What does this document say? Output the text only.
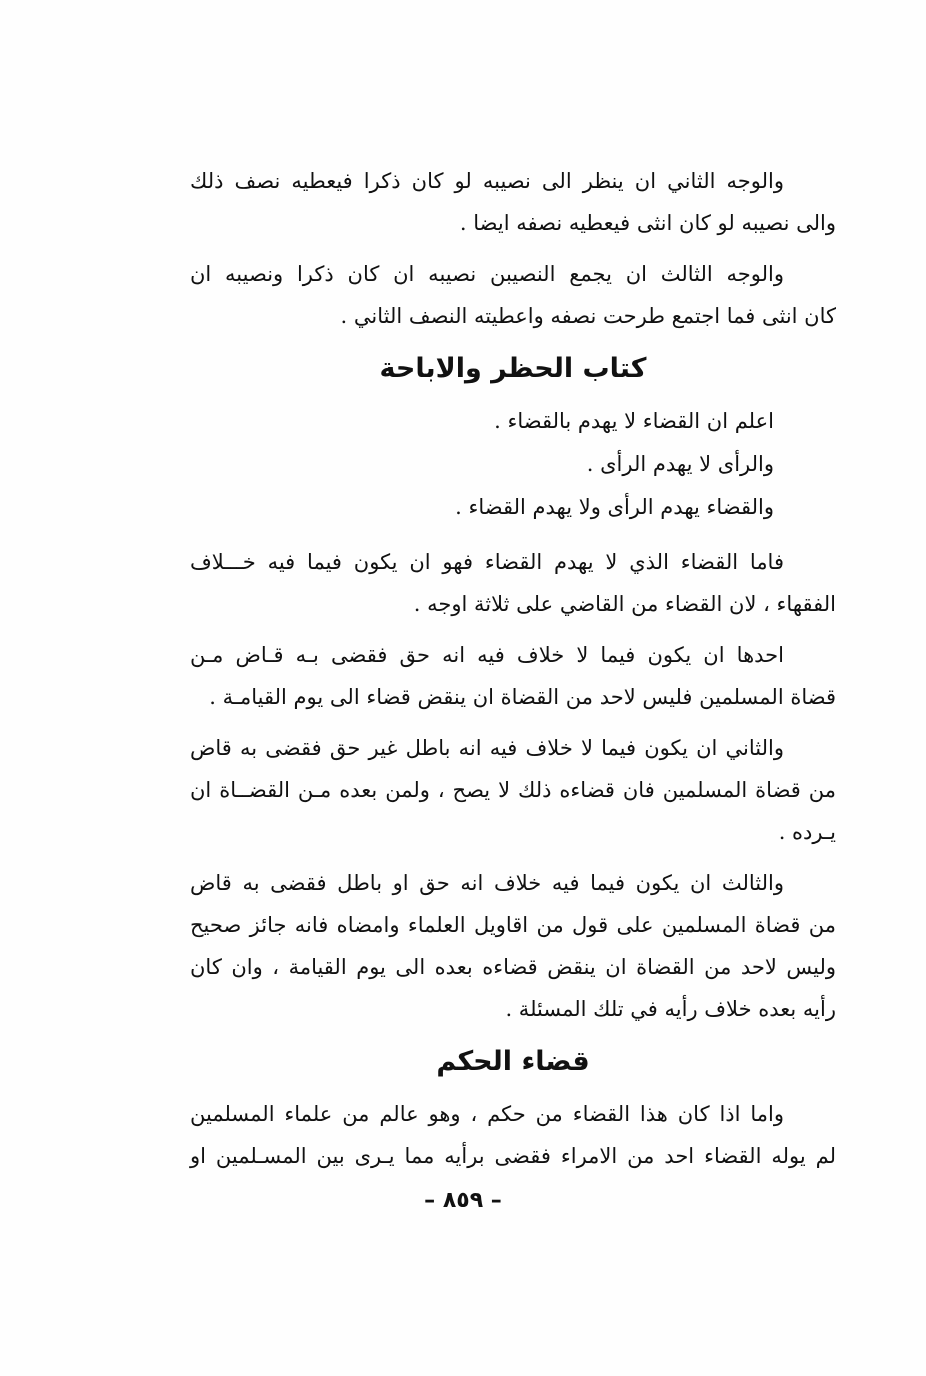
والوجه الثاني ان ينظر الى نصيبه لو كان ذكرا فيعطيه نصف ذلك
والى نصيبه لو كان انثى فيعطيه نصفه ايضا .
والوجه الثالث ان يجمع النصيبن نصيبه ان كان ذكرا ونصيبه ان
كان انثى فما اجتمع طرحت نصفه واعطيته النصف الثاني .
كتاب الحظر والاباحة
اعلم ان القضاء لا يهدم بالقضاء .
والرأى لا يهدم الرأى .
والقضاء يهدم الرأى ولا يهدم القضاء .
فاما القضاء الذي لا يهدم القضاء فهو ان يكون فيما فيه خـــلاف
الفقهاء ، لان القضاء من القاضي على ثلاثة اوجه .
احدها ان يكون فيما لا خلاف فيه انه حق فقضى بـه قـاض مـن
قضاة المسلمين فليس لاحد من القضاة ان ينقض قضاء الى يوم القيامـة .
والثاني ان يكون فيما لا خلاف فيه انه باطل غير حق فقضى به قاض
من قضاة المسلمين فان قضاءه ذلك لا يصح ، ولمن بعده مـن القضــاة ان
يـرده .
والثالث ان يكون فيما فيه خلاف انه حق او باطل فقضى به قاض
من قضاة المسلمين على قول من اقاويل العلماء وامضاه فانه جائز صحيح
وليس لاحد من القضاة ان ينقض قضاءه بعده الى يوم القيامة ، وان كان
رأيه بعده خلاف رأيه في تلك المسئلة .
قضاء الحكم
واما اذا كان هذا القضاء من حكم ، وهو عالم من علماء المسلمين
لم يوله القضاء احد من الامراء فقضى برأيه مما يـرى بين المسـلمين او
– ٨٥٩ –
